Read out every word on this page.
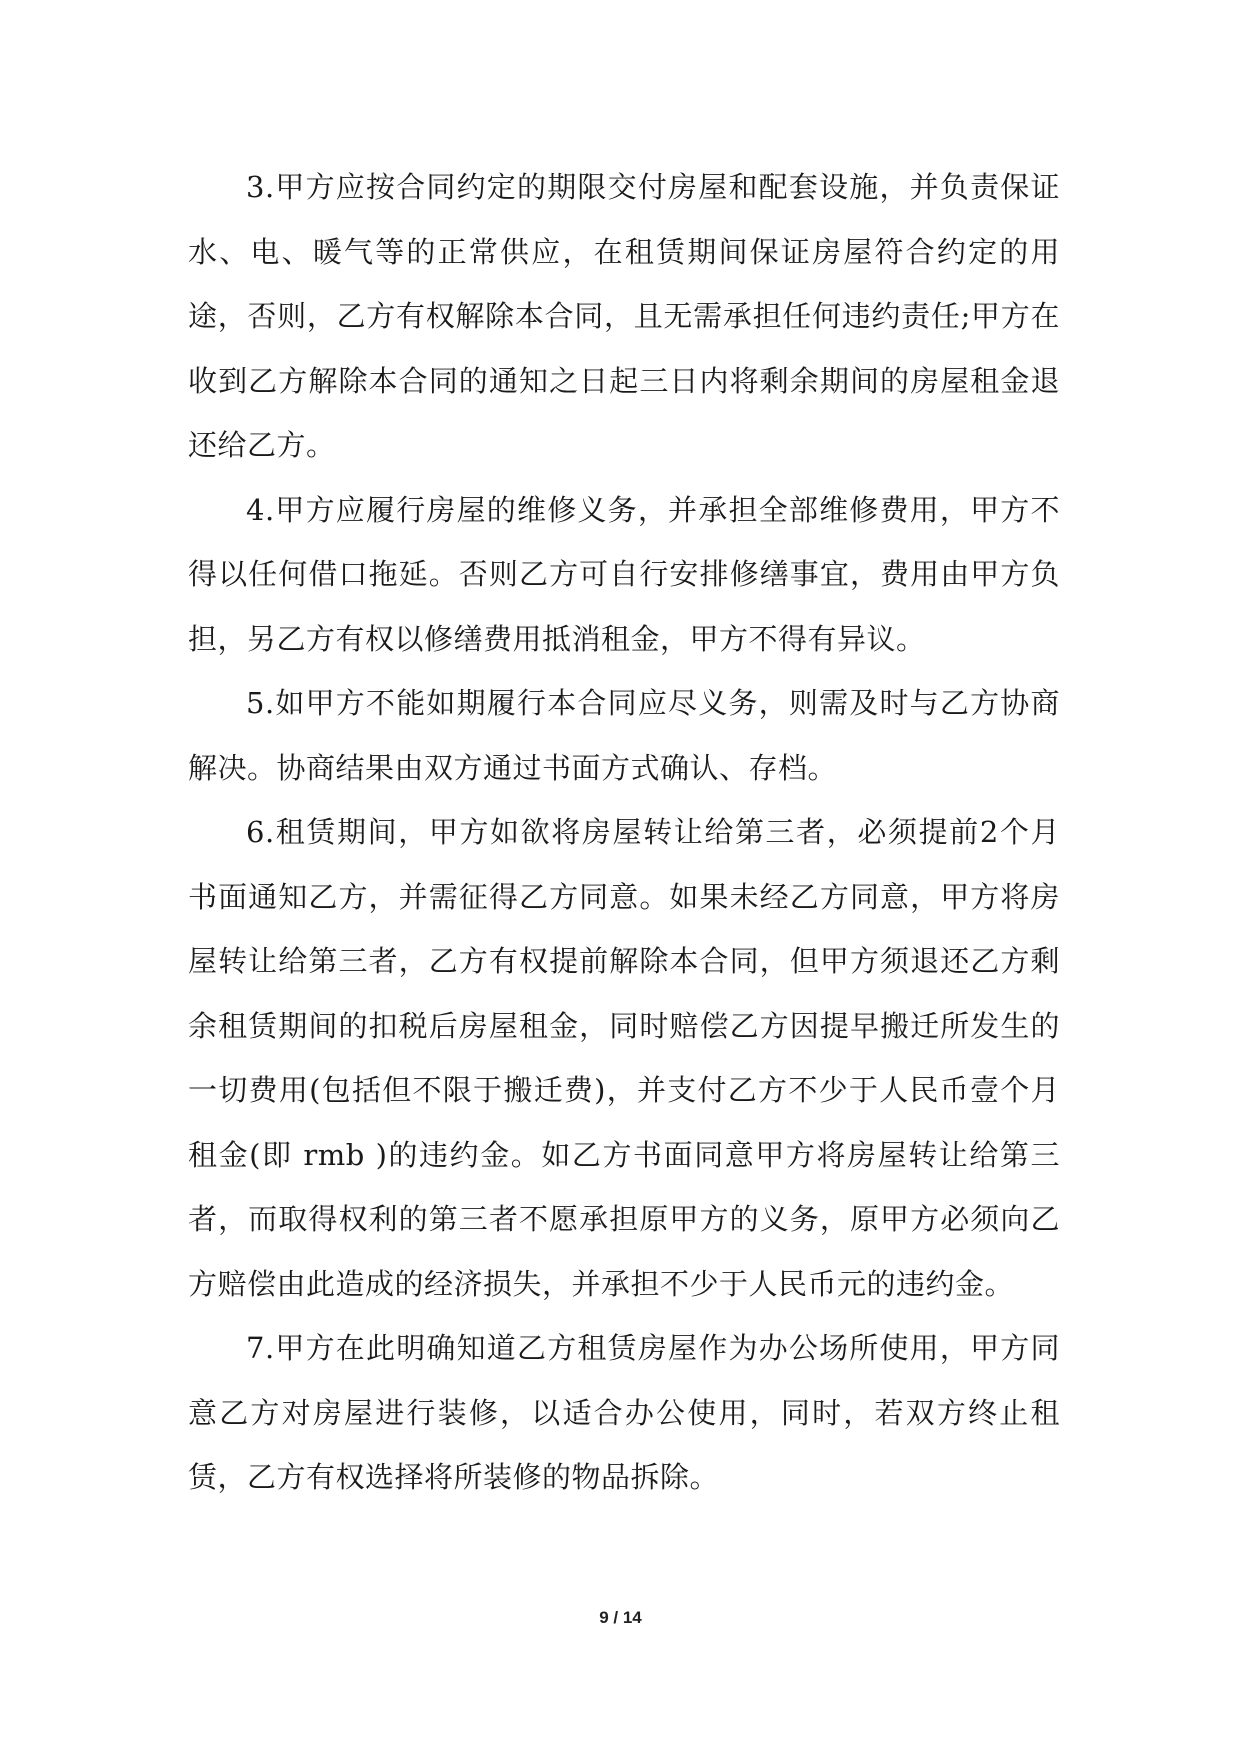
3.甲方应按合同约定的期限交付房屋和配套设施，并负责保证水、电、暖气等的正常供应，在租赁期间保证房屋符合约定的用途，否则，乙方有权解除本合同，且无需承担任何违约责任;甲方在收到乙方解除本合同的通知之日起三日内将剩余期间的房屋租金退还给乙方。

4.甲方应履行房屋的维修义务，并承担全部维修费用，甲方不得以任何借口拖延。否则乙方可自行安排修缮事宜，费用由甲方负担，另乙方有权以修缮费用抵消租金，甲方不得有异议。

5.如甲方不能如期履行本合同应尽义务，则需及时与乙方协商解决。协商结果由双方通过书面方式确认、存档。

6.租赁期间，甲方如欲将房屋转让给第三者，必须提前2个月书面通知乙方，并需征得乙方同意。如果未经乙方同意，甲方将房屋转让给第三者，乙方有权提前解除本合同，但甲方须退还乙方剩余租赁期间的扣税后房屋租金，同时赔偿乙方因提早搬迁所发生的一切费用(包括但不限于搬迁费)，并支付乙方不少于人民币壹个月租金(即 rmb )的违约金。如乙方书面同意甲方将房屋转让给第三者，而取得权利的第三者不愿承担原甲方的义务，原甲方必须向乙方赔偿由此造成的经济损失，并承担不少于人民币元的违约金。

7.甲方在此明确知道乙方租赁房屋作为办公场所使用，甲方同意乙方对房屋进行装修，以适合办公使用，同时，若双方终止租赁，乙方有权选择将所装修的物品拆除。

9 / 14
